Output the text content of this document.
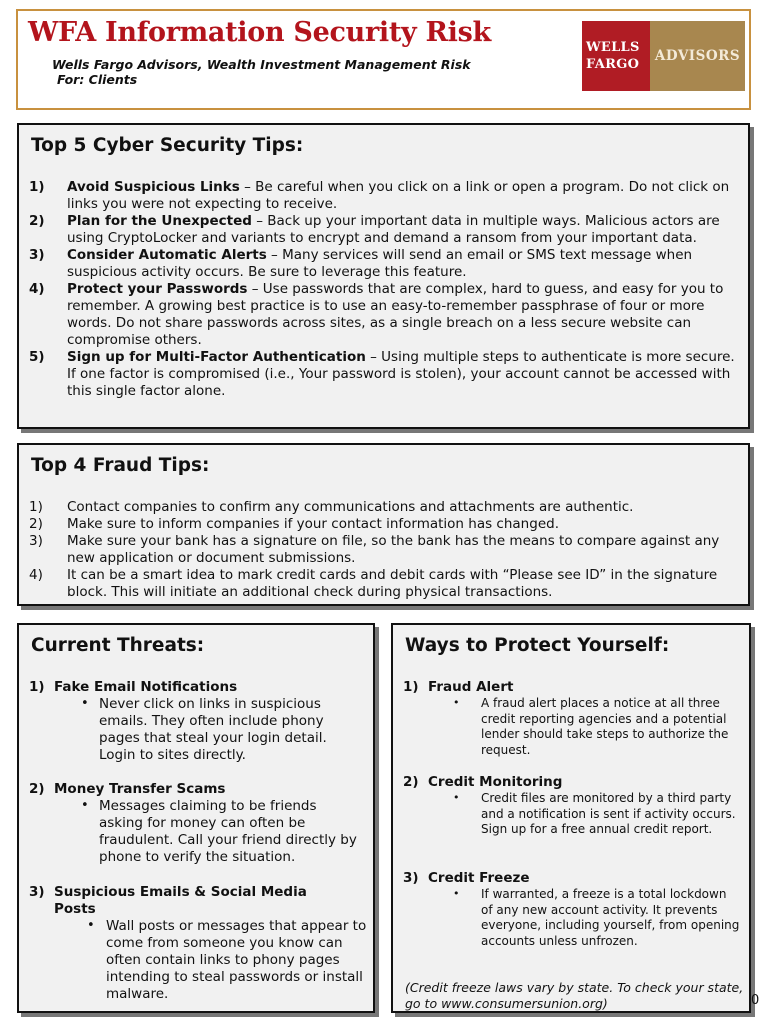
WFA Information Security Risk
Wells Fargo Advisors, Wealth Investment Management Risk
For: Clients
WELLS
FARGO
ADVISORS
Top 5 Cyber Security Tips:
1) Avoid Suspicious Links – Be careful when you click on a link or open a program. Do not click on links you were not expecting to receive.
2) Plan for the Unexpected – Back up your important data in multiple ways. Malicious actors are using CryptoLocker and variants to encrypt and demand a ransom from your important data.
3) Consider Automatic Alerts – Many services will send an email or SMS text message when suspicious activity occurs. Be sure to leverage this feature.
4) Protect your Passwords – Use passwords that are complex, hard to guess, and easy for you to remember. A growing best practice is to use an easy-to-remember passphrase of four or more words. Do not share passwords across sites, as a single breach on a less secure website can compromise others.
5) Sign up for Multi-Factor Authentication – Using multiple steps to authenticate is more secure. If one factor is compromised (i.e., Your password is stolen), your account cannot be accessed with this single factor alone.
Top 4 Fraud Tips:
1) Contact companies to confirm any communications and attachments are authentic.
2) Make sure to inform companies if your contact information has changed.
3) Make sure your bank has a signature on file, so the bank has the means to compare against any new application or document submissions.
4) It can be a smart idea to mark credit cards and debit cards with “Please see ID” in the signature block. This will initiate an additional check during physical transactions.
Current Threats:
1) Fake Email Notifications
• Never click on links in suspicious emails. They often include phony pages that steal your login detail. Login to sites directly.
2) Money Transfer Scams
• Messages claiming to be friends asking for money can often be fraudulent. Call your friend directly by phone to verify the situation.
3) Suspicious Emails & Social Media Posts
• Wall posts or messages that appear to come from someone you know can often contain links to phony pages intending to steal passwords or install malware.
Ways to Protect Yourself:
1) Fraud Alert
• A fraud alert places a notice at all three credit reporting agencies and a potential lender should take steps to authorize the request.
2) Credit Monitoring
• Credit files are monitored by a third party and a notification is sent if activity occurs. Sign up for a free annual credit report.
3) Credit Freeze
• If warranted, a freeze is a total lockdown of any new account activity. It prevents everyone, including yourself, from opening accounts unless unfrozen.
(Credit freeze laws vary by state. To check your state, go to www.consumersunion.org)	0
